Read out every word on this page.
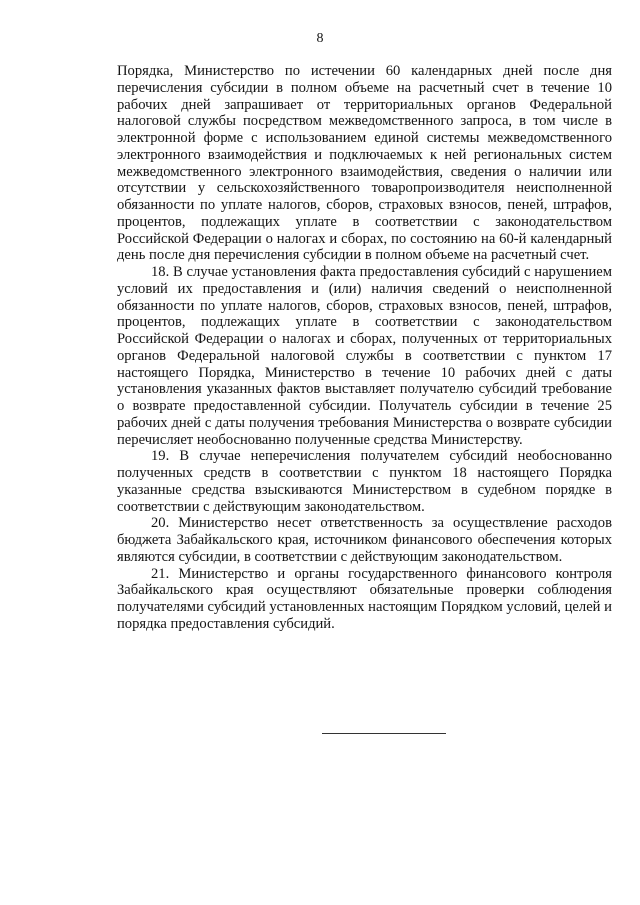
8

Порядка, Министерство по истечении 60 календарных дней после дня перечисления субсидии в полном объеме на расчетный счет в течение 10 рабочих дней запрашивает от территориальных органов Федеральной налоговой службы посредством межведомственного запроса, в том числе в электронной форме с использованием единой системы межведомственного электронного взаимодействия и подключаемых к ней региональных систем межведомственного электронного взаимодействия, сведения о наличии или отсутствии у сельскохозяйственного товаропроизводителя неисполненной обязанности по уплате налогов, сборов, страховых взносов, пеней, штрафов, процентов, подлежащих уплате в соответствии с законодательством Российской Федерации о налогах и сборах, по состоянию на 60-й календарный день после дня перечисления субсидии в полном объеме на расчетный счет.

18. В случае установления факта предоставления субсидий с нарушением условий их предоставления и (или) наличия сведений о неисполненной обязанности по уплате налогов, сборов, страховых взносов, пеней, штрафов, процентов, подлежащих уплате в соответствии с законодательством Российской Федерации о налогах и сборах, полученных от территориальных органов Федеральной налоговой службы в соответствии с пунктом 17 настоящего Порядка, Министерство в течение 10 рабочих дней с даты установления указанных фактов выставляет получателю субсидий требование о возврате предоставленной субсидии. Получатель субсидии в течение 25 рабочих дней с даты получения требования Министерства о возврате субсидии перечисляет необоснованно полученные средства Министерству.

19. В случае неперечисления получателем субсидий необоснованно полученных средств в соответствии с пунктом 18 настоящего Порядка указанные средства взыскиваются Министерством в судебном порядке в соответствии с действующим законодательством.

20. Министерство несет ответственность за осуществление расходов бюджета Забайкальского края, источником финансового обеспечения которых являются субсидии, в соответствии с действующим законодательством.

21. Министерство и органы государственного финансового контроля Забайкальского края осуществляют обязательные проверки соблюдения получателями субсидий установленных настоящим Порядком условий, целей и порядка предоставления субсидий.
